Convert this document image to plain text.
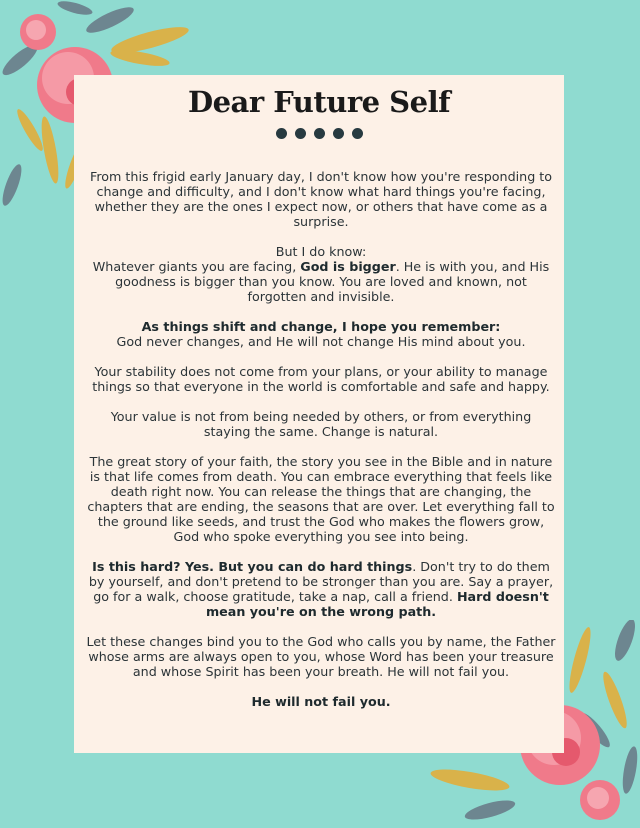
Dear Future Self

From this frigid early January day, I don't know how you're responding to change and difficulty, and I don't know what hard things you're facing, whether they are the ones I expect now, or others that have come as a surprise.

But I do know:
Whatever giants you are facing, God is bigger. He is with you, and His goodness is bigger than you know. You are loved and known, not forgotten and invisible.

As things shift and change, I hope you remember:
God never changes, and He will not change His mind about you.

Your stability does not come from your plans, or your ability to manage things so that everyone in the world is comfortable and safe and happy.

Your value is not from being needed by others, or from everything staying the same. Change is natural.

The great story of your faith, the story you see in the Bible and in nature is that life comes from death. You can embrace everything that feels like death right now. You can release the things that are changing, the chapters that are ending, the seasons that are over. Let everything fall to the ground like seeds, and trust the God who makes the flowers grow, God who spoke everything you see into being.

Is this hard? Yes. But you can do hard things. Don't try to do them by yourself, and don't pretend to be stronger than you are. Say a prayer, go for a walk, choose gratitude, take a nap, call a friend. Hard doesn't mean you're on the wrong path.

Let these changes bind you to the God who calls you by name, the Father whose arms are always open to you, whose Word has been your treasure and whose Spirit has been your breath. He will not fail you.

He will not fail you.
